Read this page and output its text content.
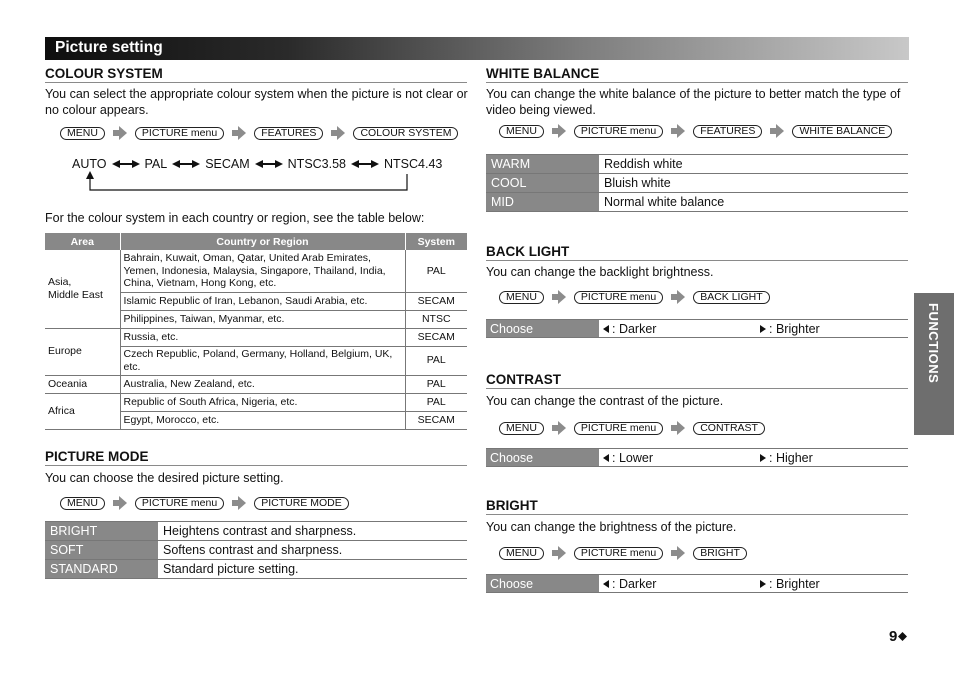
Picture setting
FUNCTIONS
COLOUR SYSTEM
You can select the appropriate colour system when the picture is not clear or no colour appears.
MENU	PICTURE menu	FEATURES	COLOUR SYSTEM
AUTO	PAL	SECAM	NTSC3.58	NTSC4.43
For the colour system in each country or region, see the table below:
Area	Country or Region	System
Asia,
Middle East	Bahrain, Kuwait, Oman, Qatar, United Arab Emirates, Yemen, Indonesia, Malaysia, Singapore, Thailand, India, China, Vietnam, Hong Kong, etc.	PAL
	Islamic Republic of Iran, Lebanon, Saudi Arabia, etc.	SECAM
	Philippines, Taiwan, Myanmar, etc.	NTSC
Europe	Russia, etc.	SECAM
	Czech Republic, Poland, Germany, Holland, Belgium, UK, etc.	PAL
Oceania	Australia, New Zealand, etc.	PAL
Africa	Republic of South Africa, Nigeria, etc.	PAL
	Egypt, Morocco, etc.	SECAM
PICTURE MODE
You can choose the desired picture setting.
MENU	PICTURE menu	PICTURE MODE
BRIGHT	Heightens contrast and sharpness.
SOFT	Softens contrast and sharpness.
STANDARD	Standard picture setting.
WHITE BALANCE
You can change the white balance of the picture to better match the type of video being viewed.
MENU	PICTURE menu	FEATURES	WHITE BALANCE
WARM	Reddish white
COOL	Bluish white
MID	Normal white balance
BACK LIGHT
You can change the backlight brightness.
MENU	PICTURE menu	BACK LIGHT
Choose	: Darker	: Brighter
CONTRAST
You can change the contrast of the picture.
MENU	PICTURE menu	CONTRAST
Choose	: Lower	: Higher
BRIGHT
You can change the brightness of the picture.
MENU	PICTURE menu	BRIGHT
Choose	: Darker	: Brighter
9
